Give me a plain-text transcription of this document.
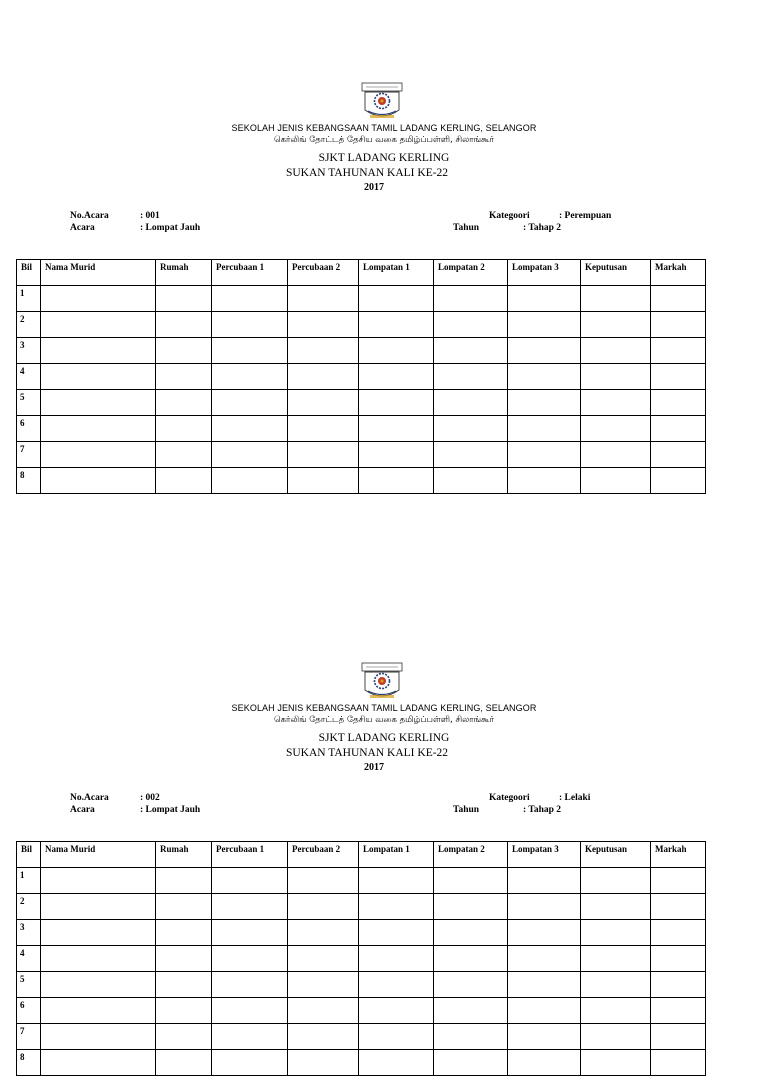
SEKOLAH JENIS KEBANGSAAN TAMIL LADANG KERLING, SELANGOR
கெர்லிங் தோட்டத் தேசிய வகை தமிழ்ப்பள்ளி, சிலாங்கூர்
SJKT LADANG KERLING
SUKAN TAHUNAN KALI KE-22
2017
No.Acara	: 001
Acara	: Lompat Jauh
Kategoori	: Perempuan
Tahun	: Tahap 2
Bil	Nama Murid	Rumah	Percubaan 1	Percubaan 2	Lompatan 1	Lompatan 2	Lompatan 3	Keputusan	Markah
1									
2									
3									
4									
5									
6									
7									
8									
SEKOLAH JENIS KEBANGSAAN TAMIL LADANG KERLING, SELANGOR
கெர்லிங் தோட்டத் தேசிய வகை தமிழ்ப்பள்ளி, சிலாங்கூர்
SJKT LADANG KERLING
SUKAN TAHUNAN KALI KE-22
2017
No.Acara	: 002
Acara	: Lompat Jauh
Kategoori	: Lelaki
Tahun	: Tahap 2
Bil	Nama Murid	Rumah	Percubaan 1	Percubaan 2	Lompatan 1	Lompatan 2	Lompatan 3	Keputusan	Markah
1									
2									
3									
4									
5									
6									
7									
8									
